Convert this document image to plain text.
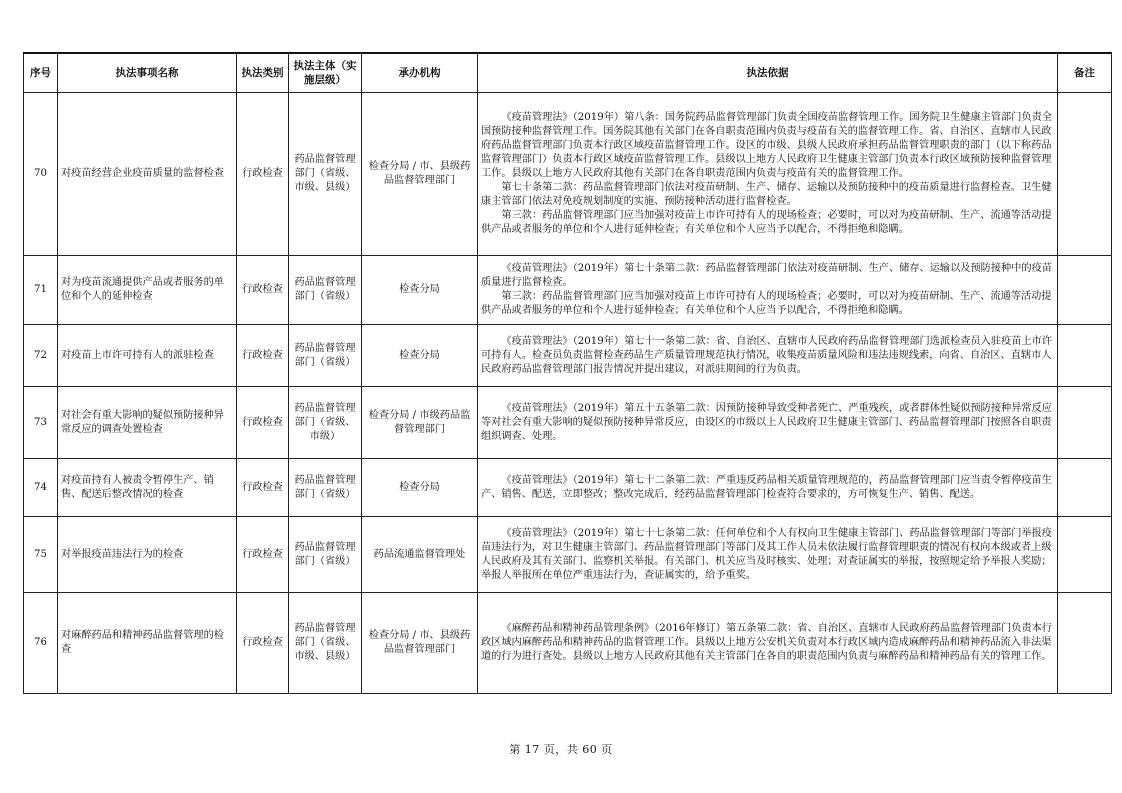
序号	执法事项名称	执法类别	执法主体（实施层级）	承办机构	执法依据	备注
70	对疫苗经营企业疫苗质量的监督检查	行政检查	药品监督管理部门（省级、市级、县级）	检查分局 / 市、县级药品监督管理部门	《疫苗管理法》（2019年）第八条：国务院药品监督管理部门负责全国疫苗监督管理工作。国务院卫生健康主管部门负责全国预防接种监督管理工作。国务院其他有关部门在各自职责范围内负责与疫苗有关的监督管理工作。省、自治区、直辖市人民政府药品监督管理部门负责本行政区域疫苗监督管理工作。设区的市级、县级人民政府承担药品监督管理职责的部门（以下称药品监督管理部门）负责本行政区域疫苗监督管理工作。县级以上地方人民政府卫生健康主管部门负责本行政区域预防接种监督管理工作。县级以上地方人民政府其他有关部门在各自职责范围内负责与疫苗有关的监督管理工作。

第七十条第二款：药品监督管理部门依法对疫苗研制、生产、储存、运输以及预防接种中的疫苗质量进行监督检查。卫生健康主管部门依法对免疫规划制度的实施、预防接种活动进行监督检查。

第三款：药品监督管理部门应当加强对疫苗上市许可持有人的现场检查；必要时，可以对为疫苗研制、生产、流通等活动提供产品或者服务的单位和个人进行延伸检查；有关单位和个人应当予以配合，不得拒绝和隐瞒。	

71	对为疫苗流通提供产品或者服务的单位和个人的延伸检查	行政检查	药品监督管理部门（省级）	检查分局	《疫苗管理法》（2019年）第七十条第二款：药品监督管理部门依法对疫苗研制、生产、储存、运输以及预防接种中的疫苗质量进行监督检查。

第三款：药品监督管理部门应当加强对疫苗上市许可持有人的现场检查；必要时，可以对为疫苗研制、生产、流通等活动提供产品或者服务的单位和个人进行延伸检查；有关单位和个人应当予以配合，不得拒绝和隐瞒。	

72	对疫苗上市许可持有人的派驻检查	行政检查	药品监督管理部门（省级）	检查分局	《疫苗管理法》（2019年）第七十一条第二款：省、自治区、直辖市人民政府药品监督管理部门选派检查员入驻疫苗上市许可持有人。检查员负责监督检查药品生产质量管理规范执行情况，收集疫苗质量风险和违法违规线索，向省、自治区、直辖市人民政府药品监督管理部门报告情况并提出建议，对派驻期间的行为负责。	

73	对社会有重大影响的疑似预防接种异常反应的调查处置检查	行政检查	药品监督管理部门（省级、市级）	检查分局 / 市级药品监督管理部门	《疫苗管理法》（2019年）第五十五条第二款：因预防接种导致受种者死亡、严重残疾，或者群体性疑似预防接种异常反应等对社会有重大影响的疑似预防接种异常反应，由设区的市级以上人民政府卫生健康主管部门、药品监督管理部门按照各自职责组织调查、处理。	

74	对疫苗持有人被责令暂停生产、销售、配送后整改情况的检查	行政检查	药品监督管理部门（省级）	检查分局	《疫苗管理法》（2019年）第七十二条第二款：严重违反药品相关质量管理规范的，药品监督管理部门应当责令暂停疫苗生产、销售、配送，立即整改；整改完成后，经药品监督管理部门检查符合要求的，方可恢复生产、销售、配送。	

75	对举报疫苗违法行为的检查	行政检查	药品监督管理部门（省级）	药品流通监督管理处	《疫苗管理法》（2019年）第七十七条第二款：任何单位和个人有权向卫生健康主管部门、药品监督管理部门等部门举报疫苗违法行为，对卫生健康主管部门、药品监督管理部门等部门及其工作人员未依法履行监督管理职责的情况有权向本级或者上级人民政府及其有关部门、监察机关举报。有关部门、机关应当及时核实、处理；对查证属实的举报，按照规定给予举报人奖励；举报人举报所在单位严重违法行为，查证属实的，给予重奖。	

76	对麻醉药品和精神药品监督管理的检查	行政检查	药品监督管理部门（省级、市级、县级）	检查分局 / 市、县级药品监督管理部门	《麻醉药品和精神药品管理条例》（2016年修订）第五条第二款：省、自治区、直辖市人民政府药品监督管理部门负责本行政区域内麻醉药品和精神药品的监督管理工作。县级以上地方公安机关负责对本行政区域内造成麻醉药品和精神药品流入非法渠道的行为进行查处。县级以上地方人民政府其他有关主管部门在各自的职责范围内负责与麻醉药品和精神药品有关的管理工作。	

第 17 页，共 60 页
